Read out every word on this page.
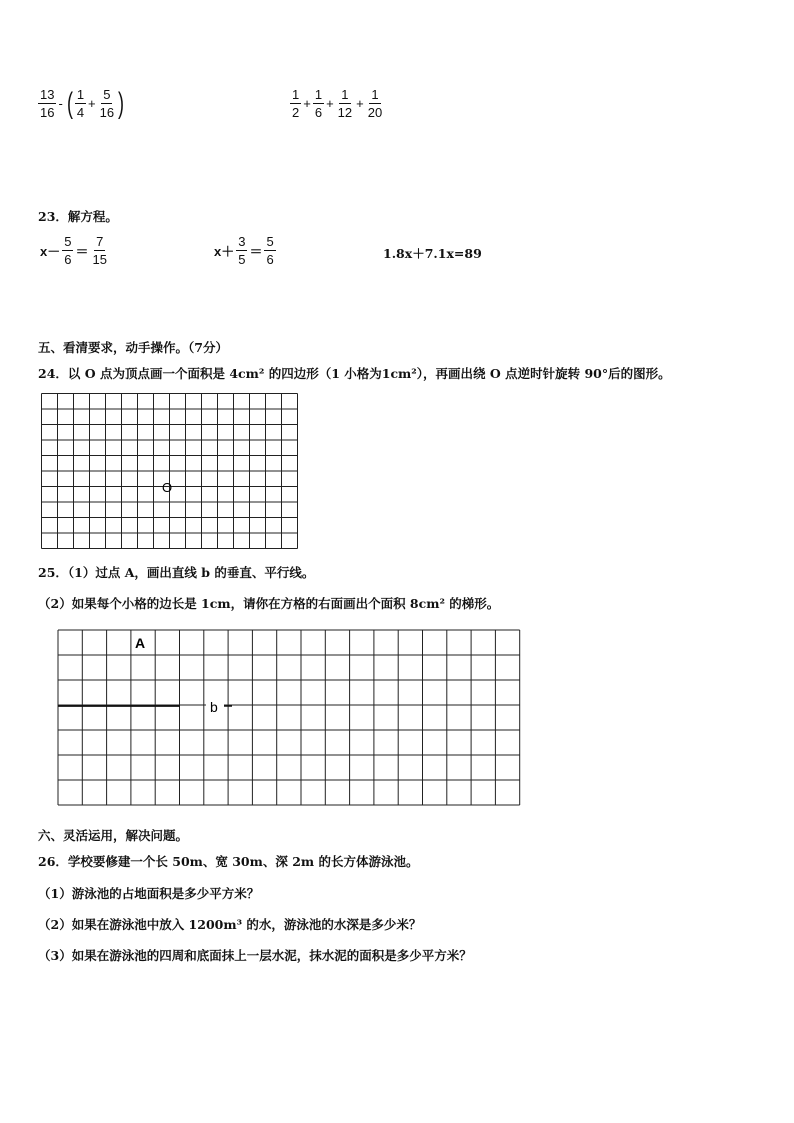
$\frac{13}{16}$ - ( $\frac{1}{4} + \frac{5}{16}$ )	$\frac{1}{2} + \frac{1}{6} + \frac{1}{12} + \frac{1}{20}$
23．解方程。
$x- \frac{5}{6} = \frac{7}{15}$	$x+ \frac{3}{5} = \frac{5}{6}$	1.8x＋7.1x=89
五、看清要求，动手操作。（7分）
24．以 O 点为顶点画一个面积是 4cm² 的四边形（1 小格为1cm²），再画出绕 O 点逆时针旋转 90°后的图形。
O
25．（1）过点 A，画出直线 b 的垂直、平行线。
（2）如果每个小格的边长是 1cm，请你在方格的右面画出个面积 8cm² 的梯形。
b
A
六、灵活运用，解决问题。
26．学校要修建一个长 50m、宽 30m、深 2m 的长方体游泳池。
（1）游泳池的占地面积是多少平方米？
（2）如果在游泳池中放入 1200m³ 的水，游泳池的水深是多少米？
（3）如果在游泳池的四周和底面抹上一层水泥，抹水泥的面积是多少平方米？
